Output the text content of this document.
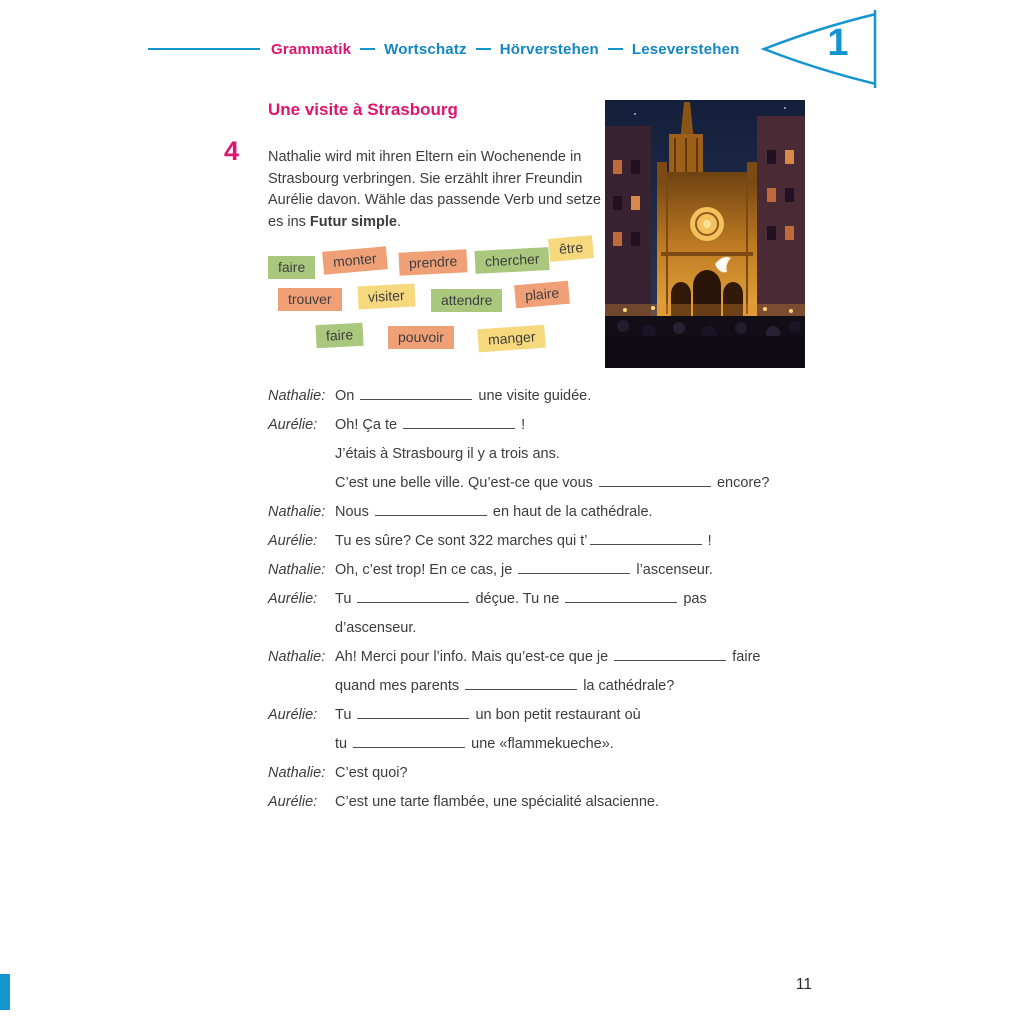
Grammatik Wortschatz Hörverstehen Leseverstehen	1
Une visite à Strasbourg
4 Nathalie wird mit ihren Eltern ein Wochenende in Strasbourg verbringen. Sie erzählt ihrer Freundin Aurélie davon. Wähle das passende Verb und setze es ins Futur simple.

faire	monter	prendre	chercher
être
trouver	visiter	attendre	plaire
faire	pouvoir	manger
Nathalie: On	une visite guidée.
Aurélie:	Oh! Ça te	!
J’étais à Strasbourg il y a trois ans.
C’est une belle ville. Qu’est-ce que vous	encore?
Nathalie: Nous	en haut de la cathédrale.
Aurélie:	Tu es sûre? Ce sont 322 marches qui t’	!
Nathalie: Oh, c’est trop! En ce cas, je	l’ascenseur.
Aurélie:	Tu	déçue. Tu ne	pas
d’ascenseur.
Nathalie: Ah! Merci pour l’info. Mais qu’est-ce que je	faire
quand mes parents	la cathédrale?
Aurélie:	Tu	un bon petit restaurant où
tu	une «flammekueche».
Nathalie: C’est quoi?
Aurélie:	C’est une tarte flambée, une spécialité alsacienne.
11
